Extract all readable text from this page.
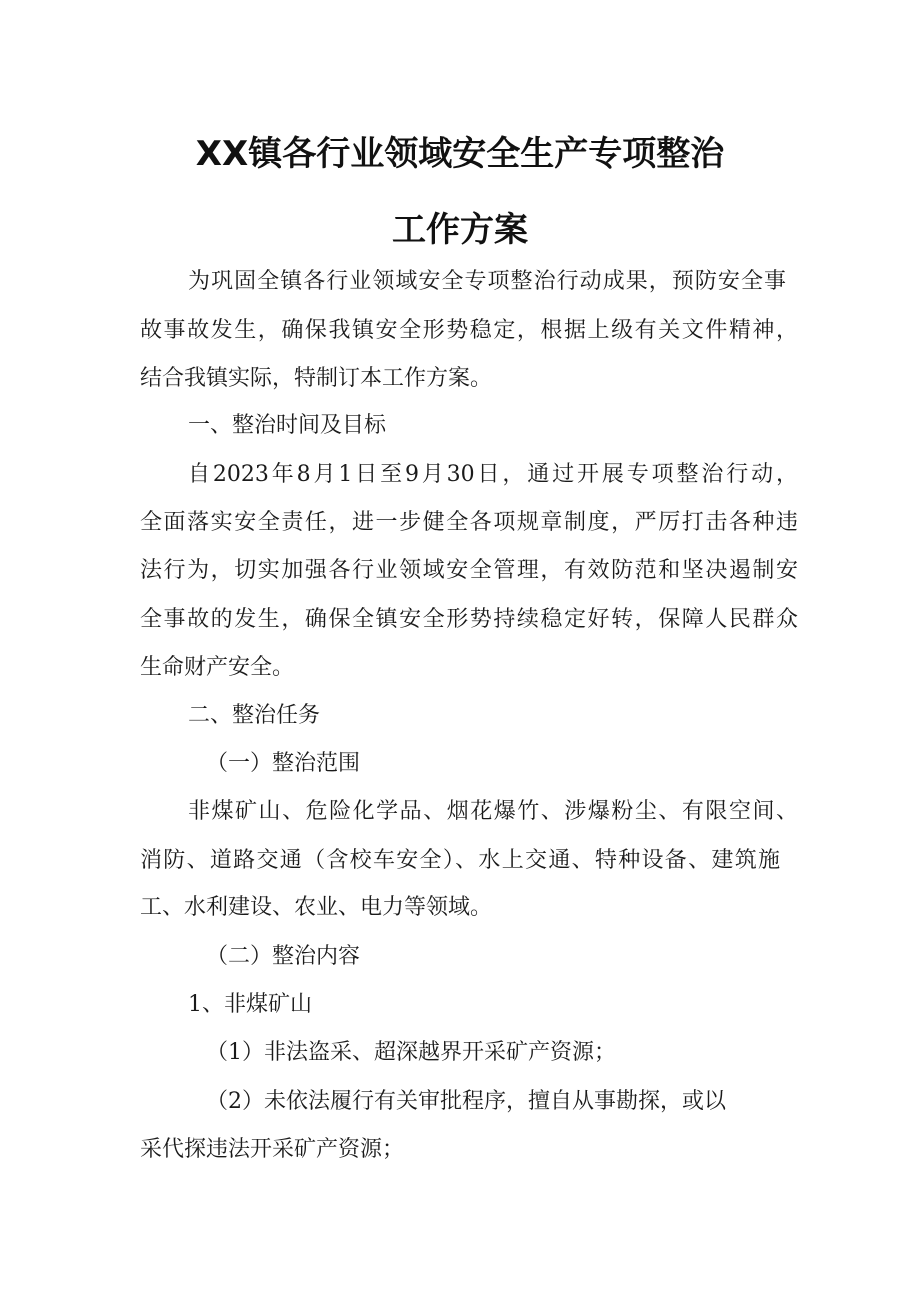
XX镇各行业领域安全生产专项整治
工作方案
为巩固全镇各行业领域安全专项整治行动成果，预防安全事
故事故发生，确保我镇安全形势稳定，根据上级有关文件精神，
结合我镇实际，特制订本工作方案。
一、整治时间及目标
自2023年8月1日至9月30日，通过开展专项整治行动，
全面落实安全责任，进一步健全各项规章制度，严厉打击各种违
法行为，切实加强各行业领域安全管理，有效防范和坚决遏制安
全事故的发生，确保全镇安全形势持续稳定好转，保障人民群众
生命财产安全。
二、整治任务
（一）整治范围
非煤矿山、危险化学品、烟花爆竹、涉爆粉尘、有限空间、
消防、道路交通（含校车安全）、水上交通、特种设备、建筑施
工、水利建设、农业、电力等领域。
（二）整治内容
1、非煤矿山
（1）非法盗采、超深越界开采矿产资源；
（2）未依法履行有关审批程序，擅自从事勘探，或以
采代探违法开采矿产资源；
